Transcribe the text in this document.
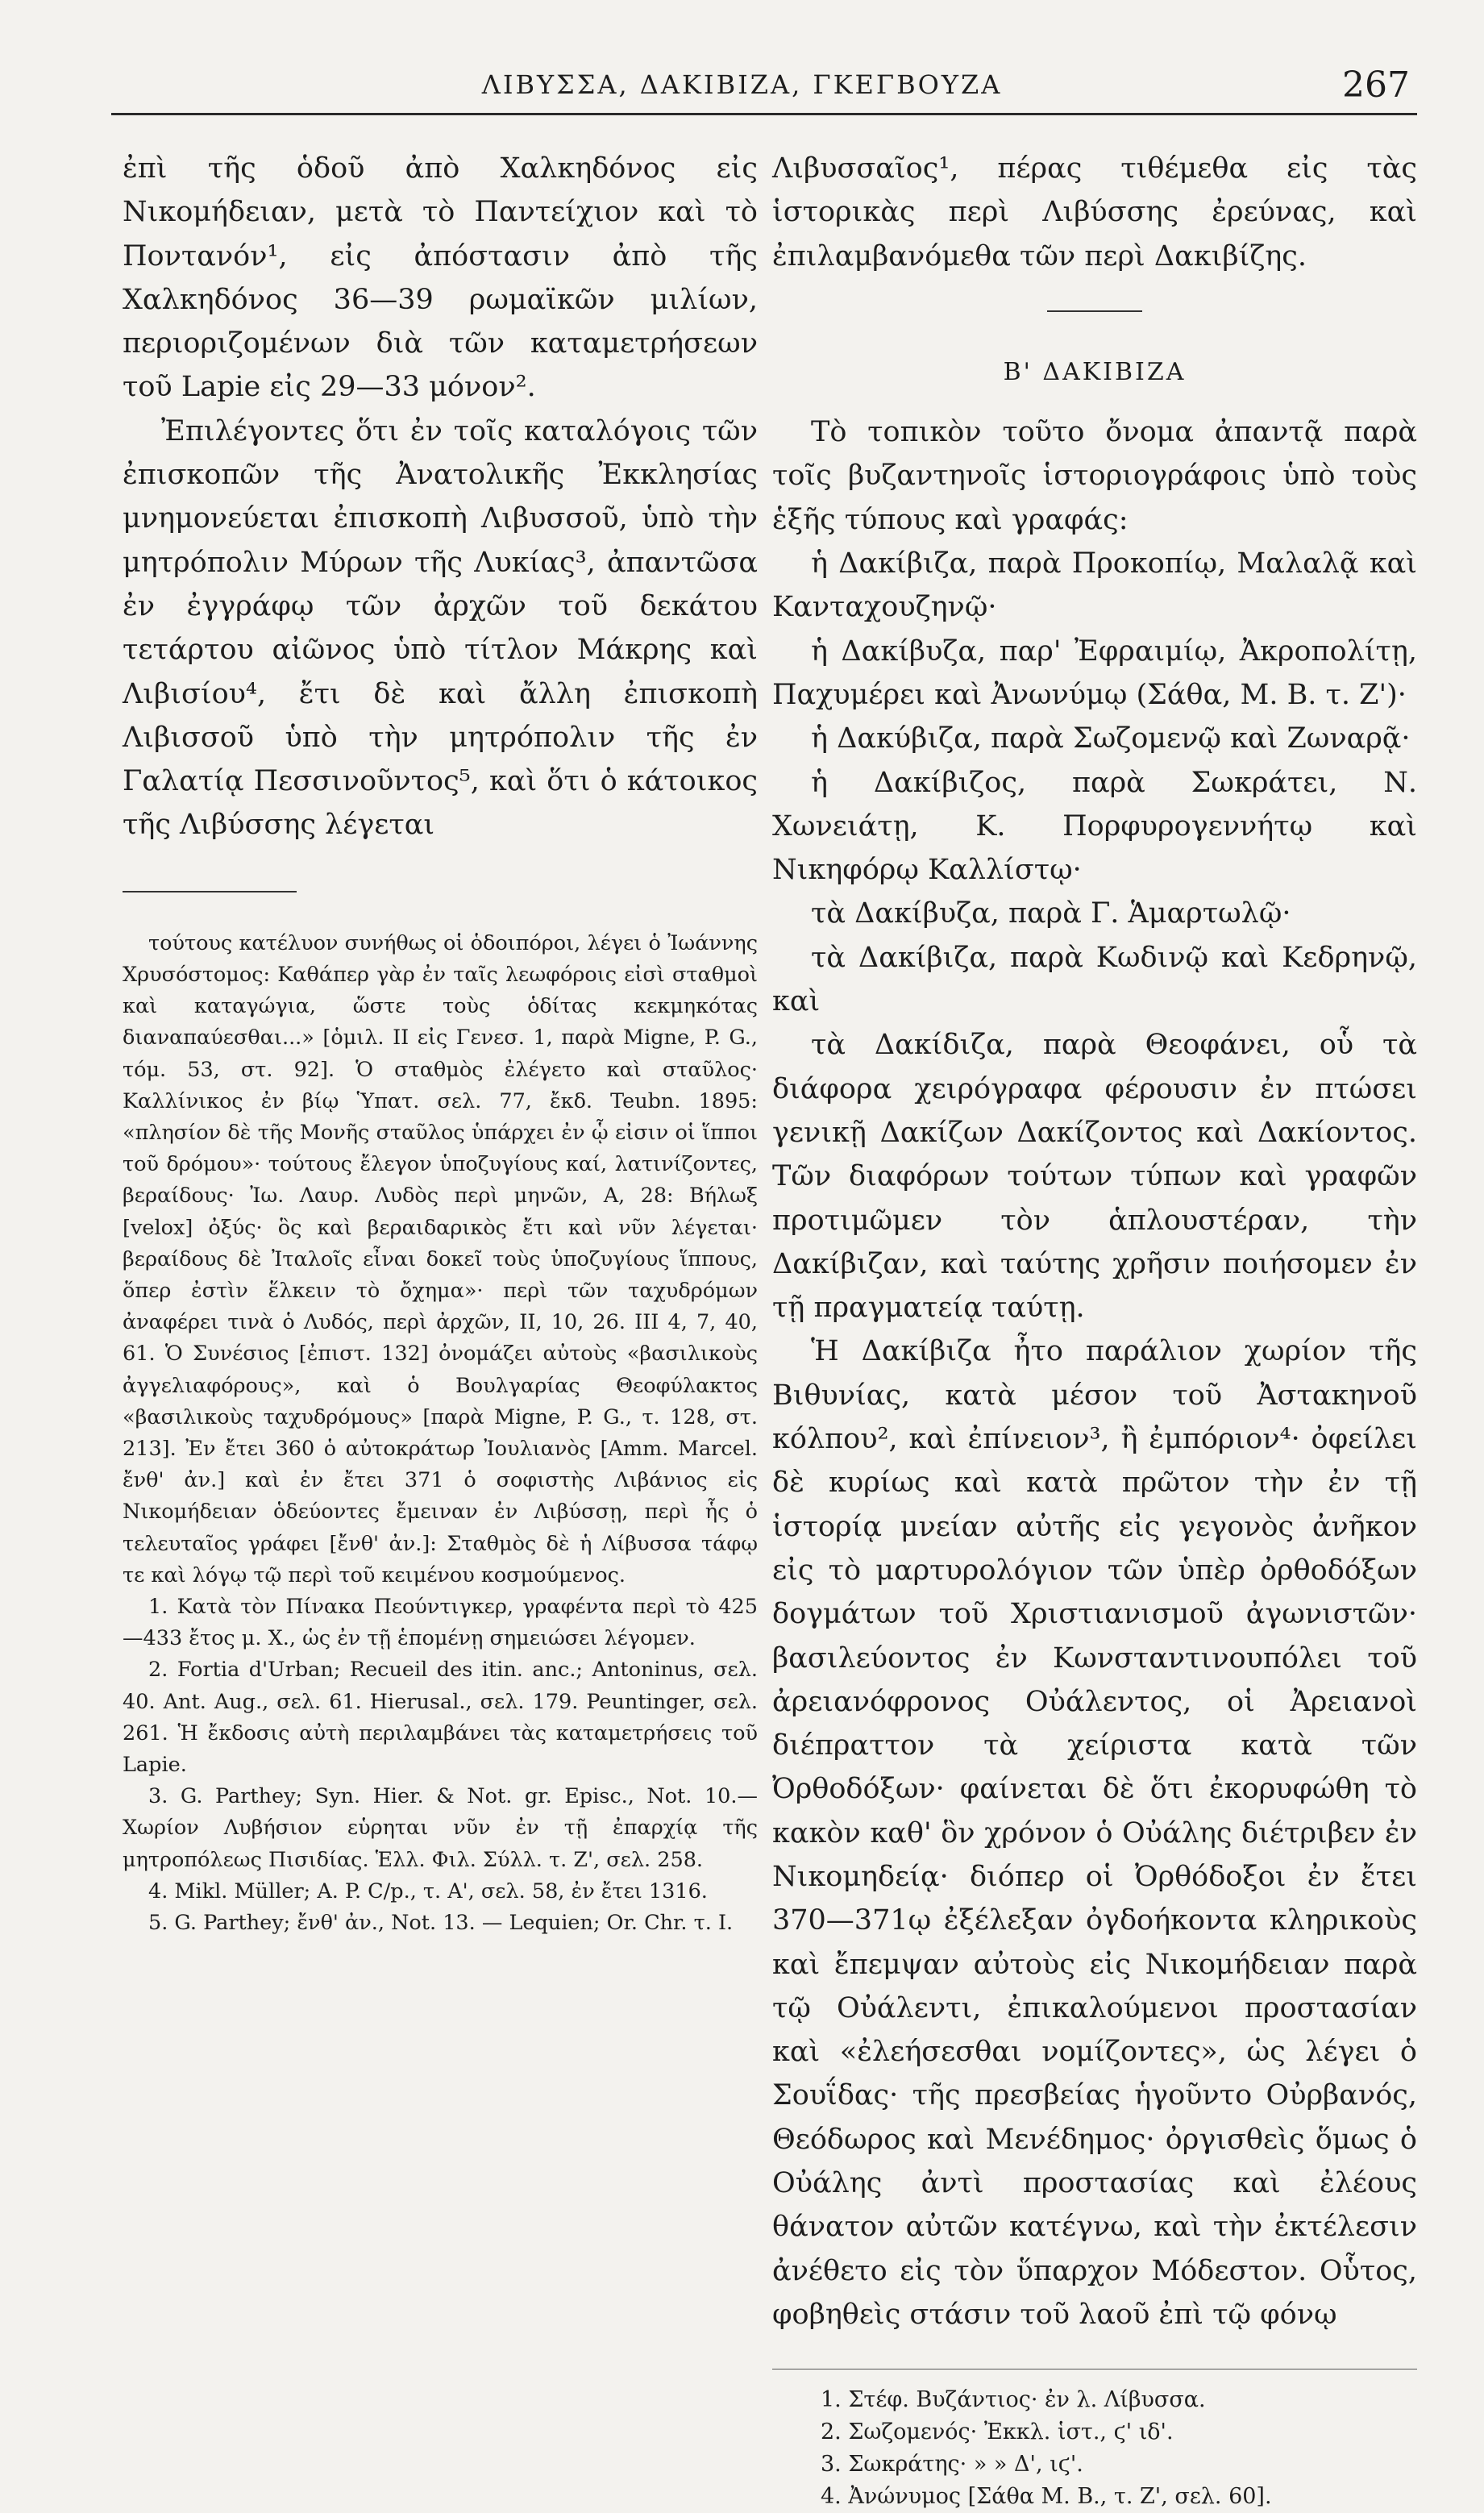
ΛΙΒΥΣΣΑ, ΔΑΚΙΒΙΖΑ, ΓΚΕΓΒΟΥΖΑ	267

ἐπὶ τῆς ὁδοῦ ἀπὸ Χαλκηδόνος εἰς Νικομήδειαν, μετὰ τὸ Παντείχιον καὶ τὸ Ποντανόν¹, εἰς ἀπόστασιν ἀπὸ τῆς Χαλκηδόνος 36—39 ρωμαϊκῶν μιλίων, περιοριζομένων διὰ τῶν καταμετρήσεων τοῦ Lapie εἰς 29—33 μόνον².

Ἐπιλέγοντες ὅτι ἐν τοῖς καταλόγοις τῶν ἐπισκοπῶν τῆς Ἀνατολικῆς Ἐκκλησίας μνημονεύεται ἐπισκοπὴ Λιβυσσοῦ, ὑπὸ τὴν μητρόπολιν Μύρων τῆς Λυκίας³, ἀπαντῶσα ἐν ἐγγράφῳ τῶν ἀρχῶν τοῦ δεκάτου τετάρτου αἰῶνος ὑπὸ τίτλον Μάκρης καὶ Λιβισίου⁴, ἔτι δὲ καὶ ἄλλη ἐπισκοπὴ Λιβισσοῦ ὑπὸ τὴν μητρόπολιν τῆς ἐν Γαλατίᾳ Πεσσινοῦντος⁵, καὶ ὅτι ὁ κάτοικος τῆς Λιβύσσης λέγεται

τούτους κατέλυον συνήθως οἱ ὁδοιπόροι, λέγει ὁ Ἰωάννης Χρυσόστομος: Καθάπερ γὰρ ἐν ταῖς λεωφόροις εἰσὶ σταθμοὶ καὶ καταγώγια, ὥστε τοὺς ὁδίτας κεκμηκότας διαναπαύεσθαι...» [ὁμιλ. ΙΙ εἰς Γενεσ. 1, παρὰ Migne, P. G., τόμ. 53, στ. 92]. Ὁ σταθμὸς ἐλέγετο καὶ σταῦλος· Καλλίνικος ἐν βίῳ Ὑπατ. σελ. 77, ἔκδ. Teubn. 1895: «πλησίον δὲ τῆς Μονῆς σταῦλος ὑπάρχει ἐν ᾧ εἰσιν οἱ ἵπποι τοῦ δρόμου»· τούτους ἔλεγον ὑποζυγίους καί, λατινίζοντες, βεραίδους· Ἰω. Λαυρ. Λυδὸς περὶ μηνῶν, Α, 28: Βήλωξ [velox] ὀξύς· ὃς καὶ βεραιδαρικὸς ἔτι καὶ νῦν λέγεται· βεραίδους δὲ Ἰταλοῖς εἶναι δοκεῖ τοὺς ὑποζυγίους ἵππους, ὅπερ ἐστὶν ἕλκειν τὸ ὄχημα»· περὶ τῶν ταχυδρόμων ἀναφέρει τινὰ ὁ Λυδός, περὶ ἀρχῶν, II, 10, 26. III 4, 7, 40, 61. Ὁ Συνέσιος [ἐπιστ. 132] ὀνομάζει αὐτοὺς «βασιλικοὺς ἀγγελιαφόρους», καὶ ὁ Βουλγαρίας Θεοφύλακτος «βασιλικοὺς ταχυδρόμους» [παρὰ Migne, P. G., τ. 128, στ. 213]. Ἐν ἔτει 360 ὁ αὐτοκράτωρ Ἰουλιανὸς [Amm. Marcel. ἔνθ' ἀν.] καὶ ἐν ἔτει 371 ὁ σοφιστὴς Λιβάνιος εἰς Νικομήδειαν ὁδεύοντες ἔμειναν ἐν Λιβύσσῃ, περὶ ἧς ὁ τελευταῖος γράφει [ἔνθ' ἀν.]: Σταθμὸς δὲ ἡ Λίβυσσα τάφῳ τε καὶ λόγῳ τῷ περὶ τοῦ κειμένου κοσμούμενος.

1. Κατὰ τὸν Πίνακα Πεούντιγκερ, γραφέντα περὶ τὸ 425—433 ἔτος μ. Χ., ὡς ἐν τῇ ἑπομένῃ σημειώσει λέγομεν.

2. Fortia d'Urban; Recueil des itin. anc.; Antoninus, σελ. 40. Ant. Aug., σελ. 61. Hierusal., σελ. 179. Peuntinger, σελ. 261. Ἡ ἔκδοσις αὐτὴ περιλαμβάνει τὰς καταμετρήσεις τοῦ Lapie.

3. G. Parthey; Syn. Hier. & Not. gr. Episc., Not. 10.—Χωρίον Λυβήσιον εὑρηται νῦν ἐν τῇ ἐπαρχίᾳ τῆς μητροπόλεως Πισιδίας. Ἑλλ. Φιλ. Σύλλ. τ. Ζ', σελ. 258.

4. Mikl. Müller; A. P. C/p., τ. Α', σελ. 58, ἐν ἔτει 1316.

5. G. Parthey; ἔνθ' ἀν., Not. 13. — Lequien; Or. Chr. τ. I.

Λιβυσσαῖος¹, πέρας τιθέμεθα εἰς τὰς ἱστορικὰς περὶ Λιβύσσης ἐρεύνας, καὶ ἐπιλαμβανόμεθα τῶν περὶ Δακιβίζης.

Β' ΔΑΚΙΒΙΖΑ

Τὸ τοπικὸν τοῦτο ὄνομα ἀπαντᾷ παρὰ τοῖς βυζαντηνοῖς ἱστοριογράφοις ὑπὸ τοὺς ἑξῆς τύπους καὶ γραφάς:

ἡ Δακίβιζα, παρὰ Προκοπίῳ, Μαλαλᾷ καὶ Κανταχουζηνῷ·

ἡ Δακίβυζα, παρ' Ἐφραιμίῳ, Ἀκροπολίτῃ, Παχυμέρει καὶ Ἀνωνύμῳ (Σάθα, Μ. Β. τ. Ζ')·

ἡ Δακύβιζα, παρὰ Σωζομενῷ καὶ Ζωναρᾷ·

ἡ Δακίβιζος, παρὰ Σωκράτει, Ν. Χωνειάτῃ, Κ. Πορφυρογεννήτῳ καὶ Νικηφόρῳ Καλλίστῳ·

τὰ Δακίβυζα, παρὰ Γ. Ἁμαρτωλῷ·

τὰ Δακίβιζα, παρὰ Κωδινῷ καὶ Κεδρηνῷ, καὶ

τὰ Δακίδιζα, παρὰ Θεοφάνει, οὗ τὰ διάφορα χειρόγραφα φέρουσιν ἐν πτώσει γενικῇ Δακίζων Δακίζοντος καὶ Δακίοντος. Τῶν διαφόρων τούτων τύπων καὶ γραφῶν προτιμῶμεν τὸν ἁπλουστέραν, τὴν Δακίβιζαν, καὶ ταύτης χρῆσιν ποιήσομεν ἐν τῇ πραγματείᾳ ταύτῃ.

Ἡ Δακίβιζα ἦτο παράλιον χωρίον τῆς Βιθυνίας, κατὰ μέσον τοῦ Ἀστακηνοῦ κόλπου², καὶ ἐπίνειον³, ἢ ἐμπόριον⁴· ὀφείλει δὲ κυρίως καὶ κατὰ πρῶτον τὴν ἐν τῇ ἱστορίᾳ μνείαν αὐτῆς εἰς γεγονὸς ἀνῆκον εἰς τὸ μαρτυρολόγιον τῶν ὑπὲρ ὀρθοδόξων δογμάτων τοῦ Χριστιανισμοῦ ἀγωνιστῶν· βασιλεύοντος ἐν Κωνσταντινουπόλει τοῦ ἀρειανόφρονος Οὐάλεντος, οἱ Ἀρειανοὶ διέπραττον τὰ χείριστα κατὰ τῶν Ὀρθοδόξων· φαίνεται δὲ ὅτι ἐκορυφώθη τὸ κακὸν καθ' ὃν χρόνον ὁ Οὐάλης διέτριβεν ἐν Νικομηδείᾳ· διόπερ οἱ Ὀρθόδοξοι ἐν ἔτει 370—371ῳ ἐξέλεξαν ὀγδοήκοντα κληρικοὺς καὶ ἔπεμψαν αὐτοὺς εἰς Νικομήδειαν παρὰ τῷ Οὐάλεντι, ἐπικαλούμενοι προστασίαν καὶ «ἐλεήσεσθαι νομίζοντες», ὡς λέγει ὁ Σουΐδας· τῆς πρεσβείας ἡγοῦντο Οὐρβανός, Θεόδωρος καὶ Μενέδημος· ὀργισθεὶς ὅμως ὁ Οὐάλης ἀντὶ προστασίας καὶ ἐλέους θάνατον αὐτῶν κατέγνω, καὶ τὴν ἐκτέλεσιν ἀνέθετο εἰς τὸν ὕπαρχον Μόδεστον. Οὗτος, φοβηθεὶς στάσιν τοῦ λαοῦ ἐπὶ τῷ φόνῳ

1. Στέφ. Βυζάντιος· ἐν λ. Λίβυσσα.

2. Σωζομενός· Ἐκκλ. ἱστ., ϛ' ιδ'.

3. Σωκράτης· » » Δ', ιϛ'.

4. Ἀνώνυμος [Σάθα Μ. Β., τ. Ζ', σελ. 60].
